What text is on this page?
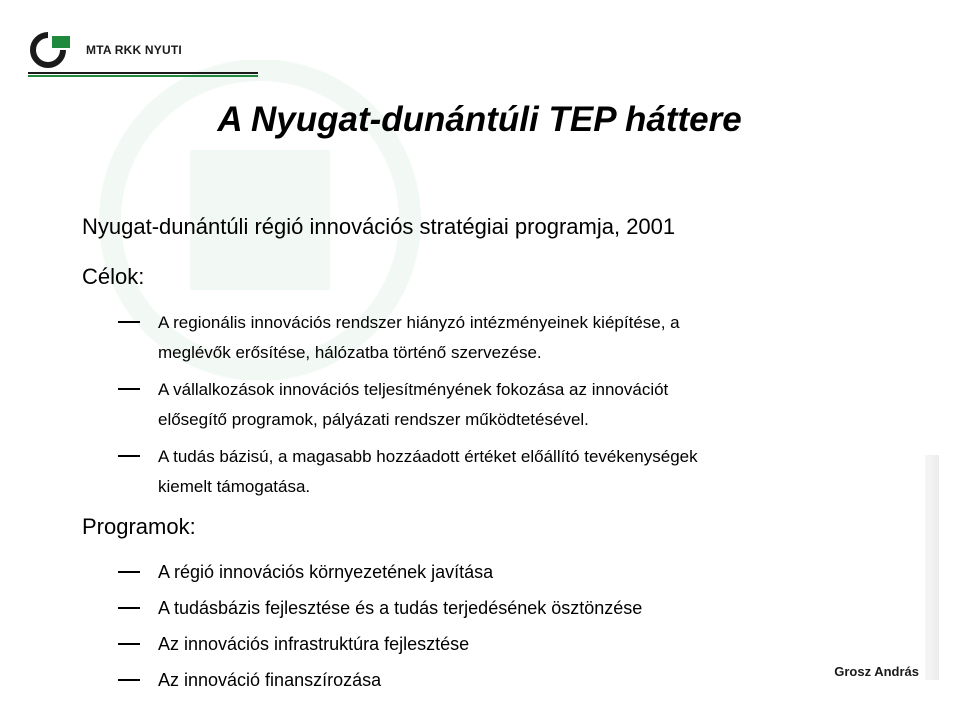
MTA RKK NYUTI
A Nyugat-dunántúli TEP háttere

Nyugat-dunántúli régió innovációs stratégiai programja, 2001

Célok:

A regionális innovációs rendszer hiányzó intézményeinek kiépítése, a
meglévők erősítése, hálózatba történő szervezése.
A vállalkozások innovációs teljesítményének fokozása az innovációt
elősegítő programok, pályázati rendszer működtetésével.
A tudás bázisú, a magasabb hozzáadott értéket előállító tevékenységek
kiemelt támogatása.

Programok:

A régió innovációs környezetének javítása
A tudásbázis fejlesztése és a tudás terjedésének ösztönzése
Az innovációs infrastruktúra fejlesztése
Az innováció finanszírozása	Grosz András
